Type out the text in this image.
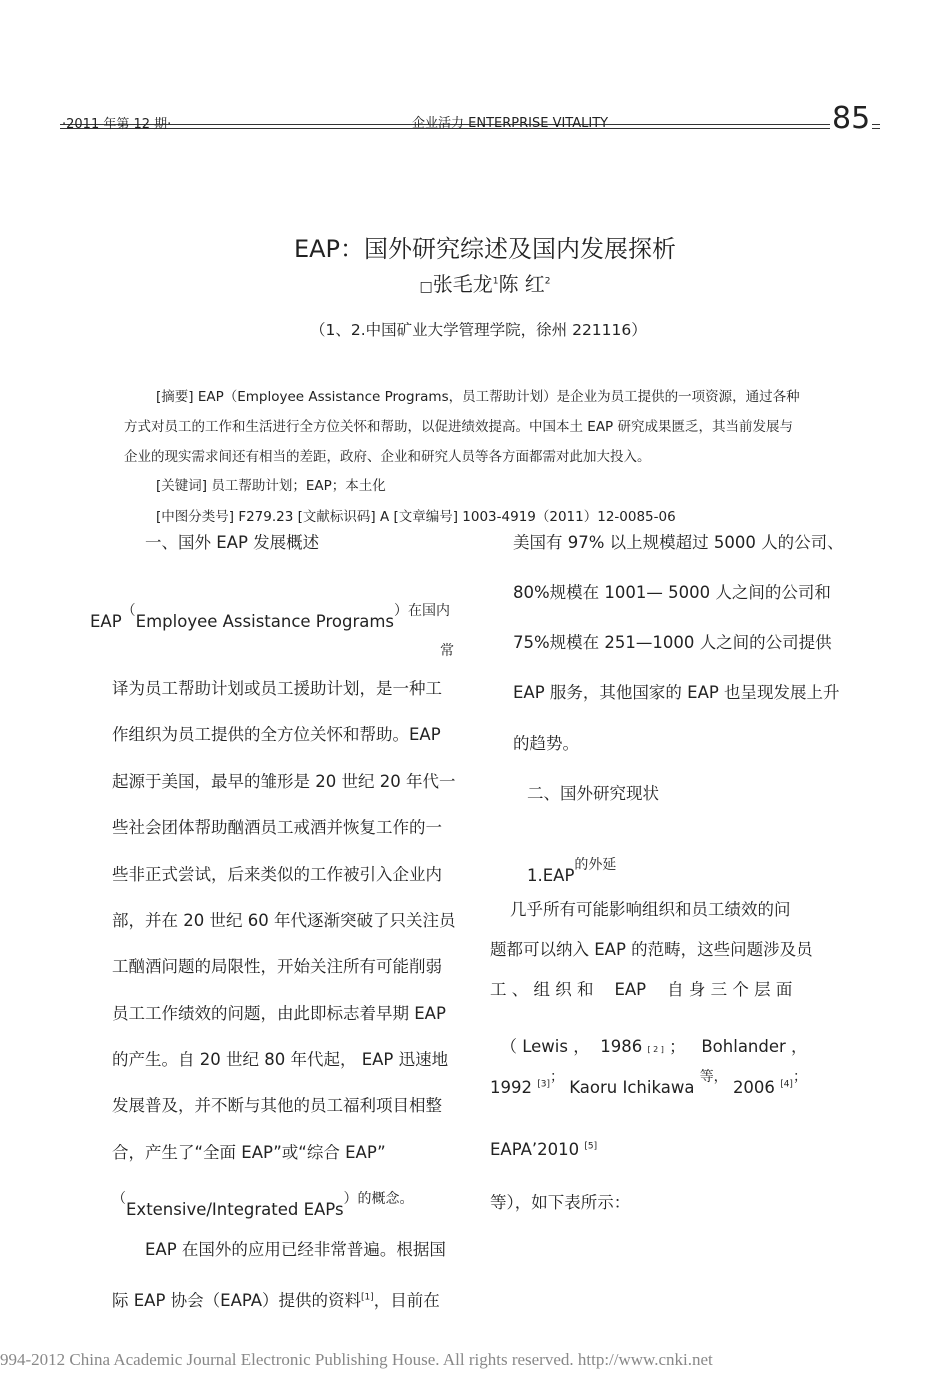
·2011 年第 12 期·	企业活力 ENTERPRISE VITALITY	85
EAP：国外研究综述及国内发展探析
□张毛龙$^1$陈 红$^2$
（1、2.中国矿业大学管理学院，徐州 221116）
[摘要] EAP（Employee Assistance Programs，员工帮助计划）是企业为员工提供的一项资源，通过各种
方式对员工的工作和生活进行全方位关怀和帮助，以促进绩效提高。中国本土 EAP 研究成果匮乏，其当前发展与
企业的现实需求间还有相当的差距，政府、企业和研究人员等各方面都需对此加大投入。
[关键词] 员工帮助计划；EAP；本土化
[中图分类号] F279.23 [文献标识码] A [文章编号] 1003-4919（2011）12-0085-06
一、国外 EAP 发展概述
EAP（Employee Assistance Programs$^{)在国内}$
常
译为员工帮助计划或员工援助计划，是一种工
作组织为员工提供的全方位关怀和帮助。EAP
起源于美国，最早的雏形是 20 世纪 20 年代一
些社会团体帮助酗酒员工戒酒并恢复工作的一
些非正式尝试，后来类似的工作被引入企业内
部，并在 20 世纪 60 年代逐渐突破了只关注员
工酗酒问题的局限性，开始关注所有可能削弱
员工工作绩效的问题，由此即标志着早期 EAP
的产生。自 20 世纪 80 年代起， EAP 迅速地
发展普及，并不断与其他的员工福利项目相整
合，产生了“全面 EAP”或“综合 EAP”
（Extensive/Integrated EAPs$^{)的概念。}$
EAP 在国外的应用已经非常普遍。根据国
际 EAP 协会（EAPA）提供的资料[1]，目前在
美国有 97% 以上规模超过 5000 人的公司、
80%规模在 1001— 5000 人之间的公司和
75%规模在 251—1000 人之间的公司提供
EAP 服务，其他国家的 EAP 也呈现发展上升
的趋势。
二、国外研究现状
$1.EAP^{的外延}$
几乎所有可能影响组织和员工绩效的问
题都可以纳入 EAP 的范畴，这些问题涉及员
工 、 组 织 和    EAP    自 身 三 个 层 面

（ Lewis ，  1986 [ 2 ] ；   Bohlander ，

1992 $^{[3];}$ Kaoru Ichikawa $^{等,}$ 2006 $^{[4];}$
EAPA’2010 [5]
等），如下表所示：
994-2012 China Academic Journal Electronic Publishing House. All rights reserved. http://www.cnki.net
